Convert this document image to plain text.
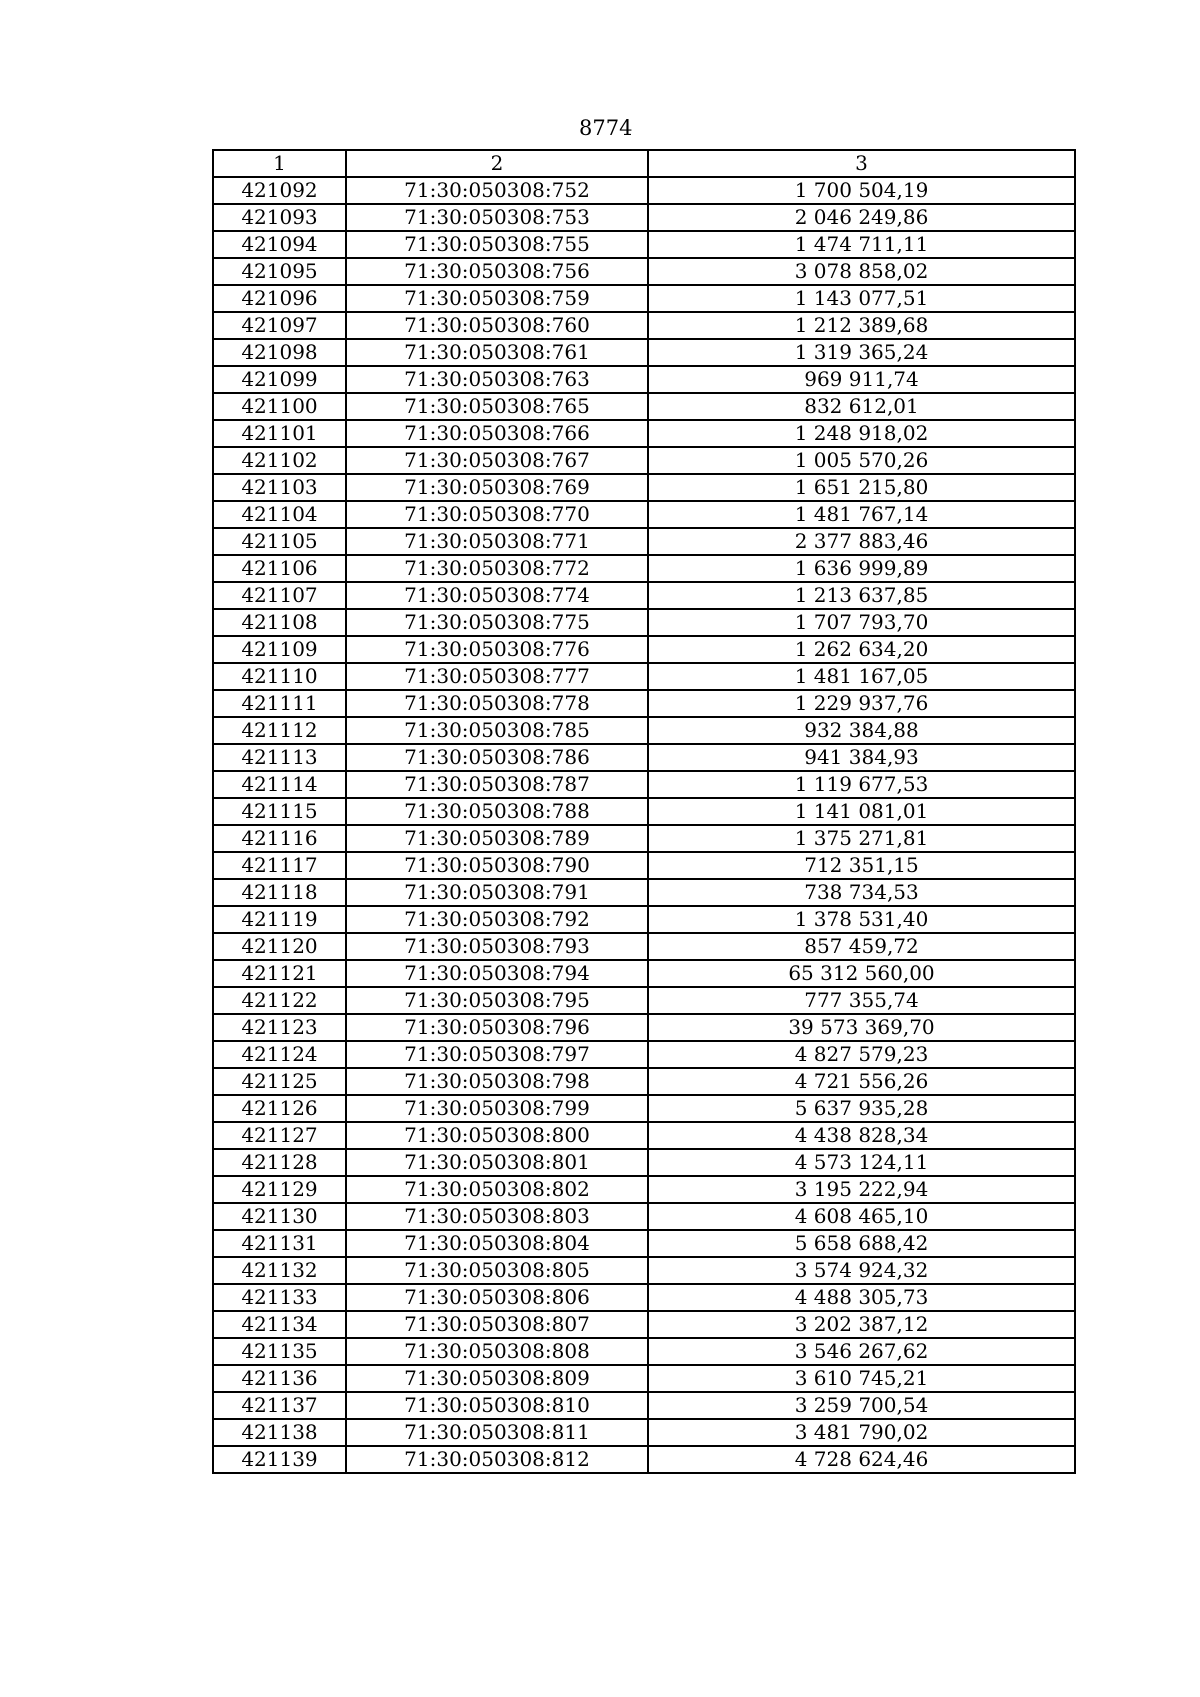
8774
1	2	3
421092	71:30:050308:752	1 700 504,19
421093	71:30:050308:753	2 046 249,86
421094	71:30:050308:755	1 474 711,11
421095	71:30:050308:756	3 078 858,02
421096	71:30:050308:759	1 143 077,51
421097	71:30:050308:760	1 212 389,68
421098	71:30:050308:761	1 319 365,24
421099	71:30:050308:763	969 911,74
421100	71:30:050308:765	832 612,01
421101	71:30:050308:766	1 248 918,02
421102	71:30:050308:767	1 005 570,26
421103	71:30:050308:769	1 651 215,80
421104	71:30:050308:770	1 481 767,14
421105	71:30:050308:771	2 377 883,46
421106	71:30:050308:772	1 636 999,89
421107	71:30:050308:774	1 213 637,85
421108	71:30:050308:775	1 707 793,70
421109	71:30:050308:776	1 262 634,20
421110	71:30:050308:777	1 481 167,05
421111	71:30:050308:778	1 229 937,76
421112	71:30:050308:785	932 384,88
421113	71:30:050308:786	941 384,93
421114	71:30:050308:787	1 119 677,53
421115	71:30:050308:788	1 141 081,01
421116	71:30:050308:789	1 375 271,81
421117	71:30:050308:790	712 351,15
421118	71:30:050308:791	738 734,53
421119	71:30:050308:792	1 378 531,40
421120	71:30:050308:793	857 459,72
421121	71:30:050308:794	65 312 560,00
421122	71:30:050308:795	777 355,74
421123	71:30:050308:796	39 573 369,70
421124	71:30:050308:797	4 827 579,23
421125	71:30:050308:798	4 721 556,26
421126	71:30:050308:799	5 637 935,28
421127	71:30:050308:800	4 438 828,34
421128	71:30:050308:801	4 573 124,11
421129	71:30:050308:802	3 195 222,94
421130	71:30:050308:803	4 608 465,10
421131	71:30:050308:804	5 658 688,42
421132	71:30:050308:805	3 574 924,32
421133	71:30:050308:806	4 488 305,73
421134	71:30:050308:807	3 202 387,12
421135	71:30:050308:808	3 546 267,62
421136	71:30:050308:809	3 610 745,21
421137	71:30:050308:810	3 259 700,54
421138	71:30:050308:811	3 481 790,02
421139	71:30:050308:812	4 728 624,46
